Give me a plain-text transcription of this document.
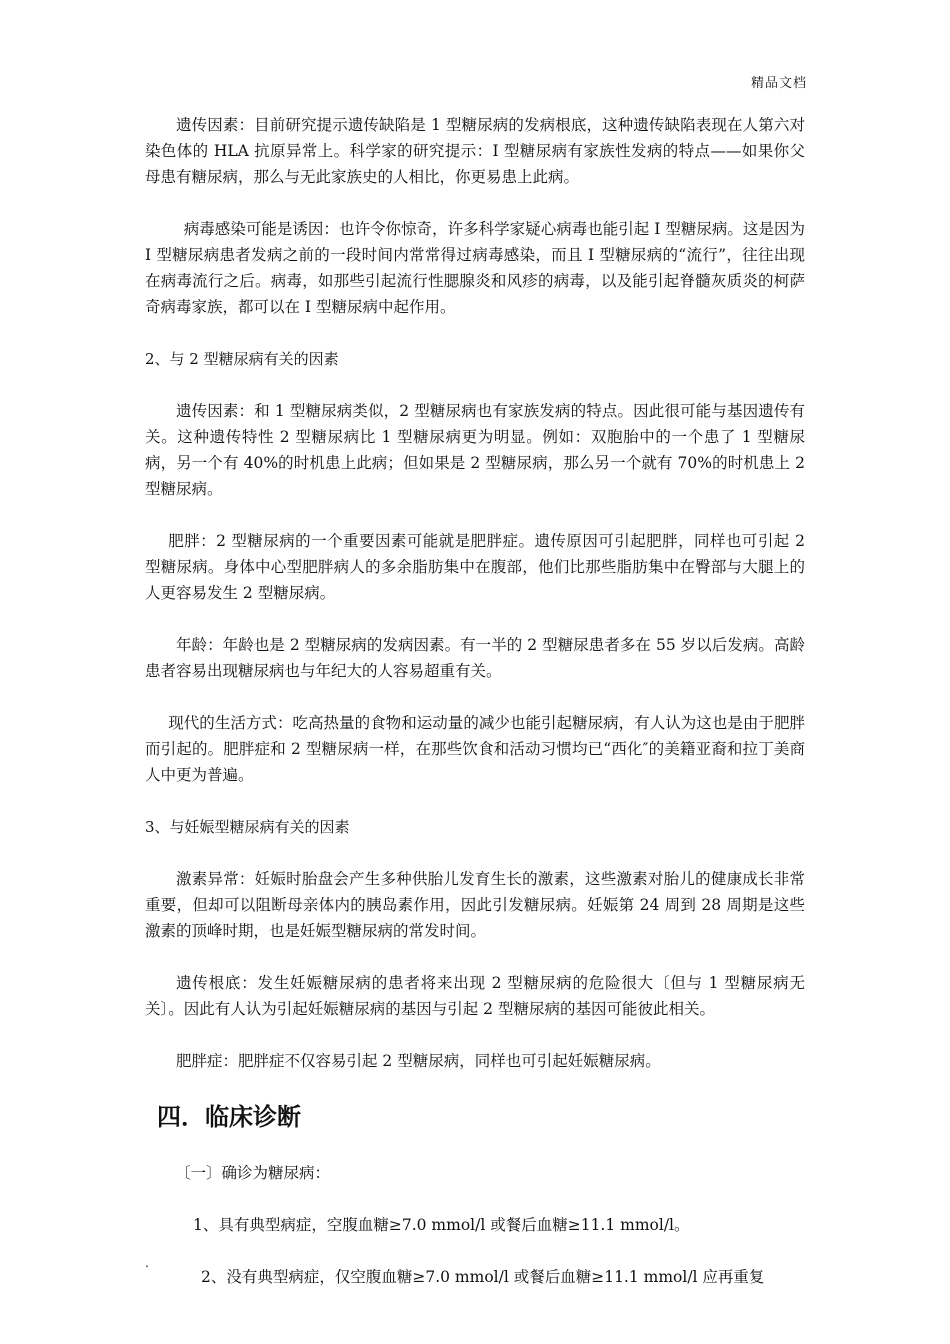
精品文档

遗传因素：目前研究提示遗传缺陷是 1 型糖尿病的发病根底，这种遗传缺陷表现在人第六对染色体的 HLA 抗原异常上。科学家的研究提示：I 型糖尿病有家族性发病的特点——如果你父母患有糖尿病，那么与无此家族史的人相比，你更易患上此病。

病毒感染可能是诱因：也许令你惊奇，许多科学家疑心病毒也能引起 I 型糖尿病。这是因为 I 型糖尿病患者发病之前的一段时间内常常得过病毒感染，而且 I 型糖尿病的“流行”，往往出现在病毒流行之后。病毒，如那些引起流行性腮腺炎和风疹的病毒，以及能引起脊髓灰质炎的柯萨奇病毒家族，都可以在 I 型糖尿病中起作用。

2、与 2 型糖尿病有关的因素

遗传因素：和 1 型糖尿病类似，2 型糖尿病也有家族发病的特点。因此很可能与基因遗传有关。这种遗传特性 2 型糖尿病比 1 型糖尿病更为明显。例如：双胞胎中的一个患了 1 型糖尿病，另一个有 40%的时机患上此病；但如果是 2 型糖尿病，那么另一个就有 70%的时机患上 2 型糖尿病。

肥胖：2 型糖尿病的一个重要因素可能就是肥胖症。遗传原因可引起肥胖，同样也可引起 2 型糖尿病。身体中心型肥胖病人的多余脂肪集中在腹部，他们比那些脂肪集中在臀部与大腿上的人更容易发生 2 型糖尿病。

年龄：年龄也是 2 型糖尿病的发病因素。有一半的 2 型糖尿患者多在 55 岁以后发病。高龄患者容易出现糖尿病也与年纪大的人容易超重有关。

现代的生活方式：吃高热量的食物和运动量的减少也能引起糖尿病，有人认为这也是由于肥胖而引起的。肥胖症和 2 型糖尿病一样，在那些饮食和活动习惯均已“西化″的美籍亚裔和拉丁美商人中更为普遍。

3、与妊娠型糖尿病有关的因素

激素异常：妊娠时胎盘会产生多种供胎儿发育生长的激素，这些激素对胎儿的健康成长非常重要，但却可以阻断母亲体内的胰岛素作用，因此引发糖尿病。妊娠第 24 周到 28 周期是这些激素的顶峰时期，也是妊娠型糖尿病的常发时间。

遗传根底：发生妊娠糖尿病的患者将来出现 2 型糖尿病的危险很大〔但与 1 型糖尿病无关〕。因此有人认为引起妊娠糖尿病的基因与引起 2 型糖尿病的基因可能彼此相关。

肥胖症：肥胖症不仅容易引起 2 型糖尿病，同样也可引起妊娠糖尿病。

四．临床诊断

〔一〕确诊为糖尿病：

1、具有典型病症，空腹血糖≥7.0 mmol/l 或餐后血糖≥11.1 mmol/l。

2、没有典型病症，仅空腹血糖≥7.0 mmol/l 或餐后血糖≥11.1 mmol/l 应再重复

.
